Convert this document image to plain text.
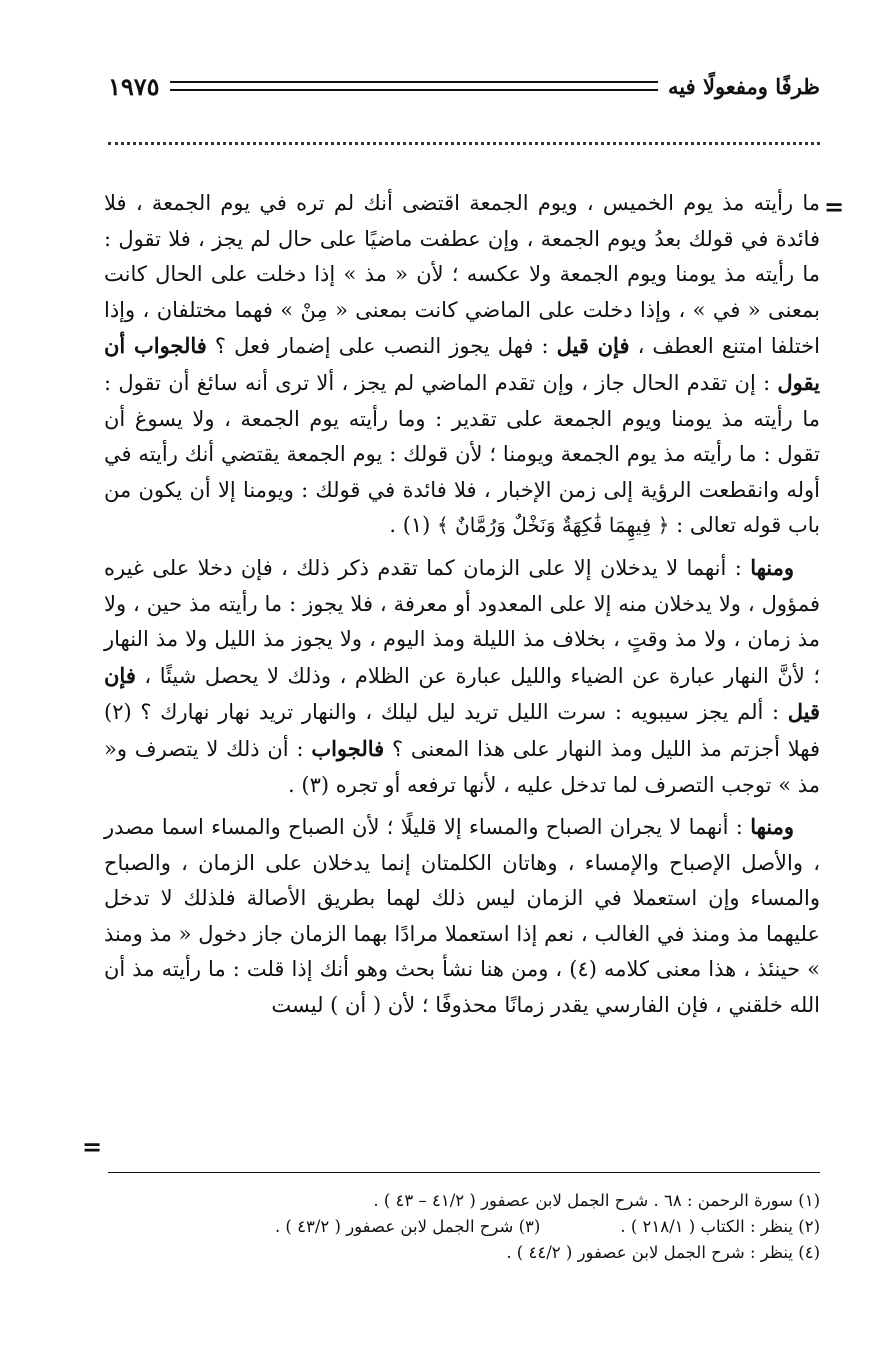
ظرفًا ومفعولًا فيه
١٩٧٥
=

ما رأيته مذ يوم الخميس ، ويوم الجمعة اقتضى أنك لم تره في يوم الجمعة ، فلا فائدة في قولك بعدُ ويوم الجمعة ، وإن عطفت ماضيًا على حال لم يجز ، فلا تقول : ما رأيته مذ يومنا ويوم الجمعة ولا عكسه ؛ لأن « مذ » إذا دخلت على الحال كانت بمعنى « في » ، وإذا دخلت على الماضي كانت بمعنى « مِنْ » فهما مختلفان ، وإذا اختلفا امتنع العطف ، فإن قيل : فهل يجوز النصب على إضمار فعل ؟ فالجواب أن يقول : إن تقدم الحال جاز ، وإن تقدم الماضي لم يجز ، ألا ترى أنه سائغ أن تقول : ما رأيته مذ يومنا ويوم الجمعة على تقدير : وما رأيته يوم الجمعة ، ولا يسوغ أن تقول : ما رأيته مذ يوم الجمعة ويومنا ؛ لأن قولك : يوم الجمعة يقتضي أنك رأيته في أوله وانقطعت الرؤية إلى زمن الإخبار ، فلا فائدة في قولك : ويومنا إلا أن يكون من باب قوله تعالى : ﴿ فِيهِمَا فَٰكِهَةٌ وَنَخْلٌ وَرُمَّانٌ ﴾ (١) .

ومنها : أنهما لا يدخلان إلا على الزمان كما تقدم ذكر ذلك ، فإن دخلا على غيره فمؤول ، ولا يدخلان منه إلا على المعدود أو معرفة ، فلا يجوز : ما رأيته مذ حين ، ولا مذ زمان ، ولا مذ وقتٍ ، بخلاف مذ الليلة ومذ اليوم ، ولا يجوز مذ الليل ولا مذ النهار ؛ لأنَّ النهار عبارة عن الضياء والليل عبارة عن الظلام ، وذلك لا يحصل شيئًا ، فإن قيل : ألم يجز سيبويه : سرت الليل تريد ليل ليلك ، والنهار تريد نهار نهارك ؟ (٢) فهلا أجزتم مذ الليل ومذ النهار على هذا المعنى ؟ فالجواب : أن ذلك لا يتصرف و« مذ » توجب التصرف لما تدخل عليه ، لأنها ترفعه أو تجره (٣) .

ومنها : أنهما لا يجران الصباح والمساء إلا قليلًا ؛ لأن الصباح والمساء اسما مصدر ، والأصل الإصباح والإمساء ، وهاتان الكلمتان إنما يدخلان على الزمان ، والصباح والمساء وإن استعملا في الزمان ليس ذلك لهما بطريق الأصالة فلذلك لا تدخل عليهما مذ ومنذ في الغالب ، نعم إذا استعملا مرادًا بهما الزمان جاز دخول « مذ ومنذ » حينئذ ، هذا معنى كلامه (٤) ، ومن هنا نشأ بحث وهو أنك إذا قلت : ما رأيته مذ أن الله خلقني ، فإن الفارسي يقدر زمانًا محذوفًا ؛ لأن ( أن ) ليست

=
(١) سورة الرحمن : ٦٨ . شرح الجمل لابن عصفور ( ٤١/٢ – ٤٣ ) .
(٢) ينظر : الكتاب ( ٢١٨/١ ) .
(٣) شرح الجمل لابن عصفور ( ٤٣/٢ ) .
(٤) ينظر : شرح الجمل لابن عصفور ( ٤٤/٢ ) .
